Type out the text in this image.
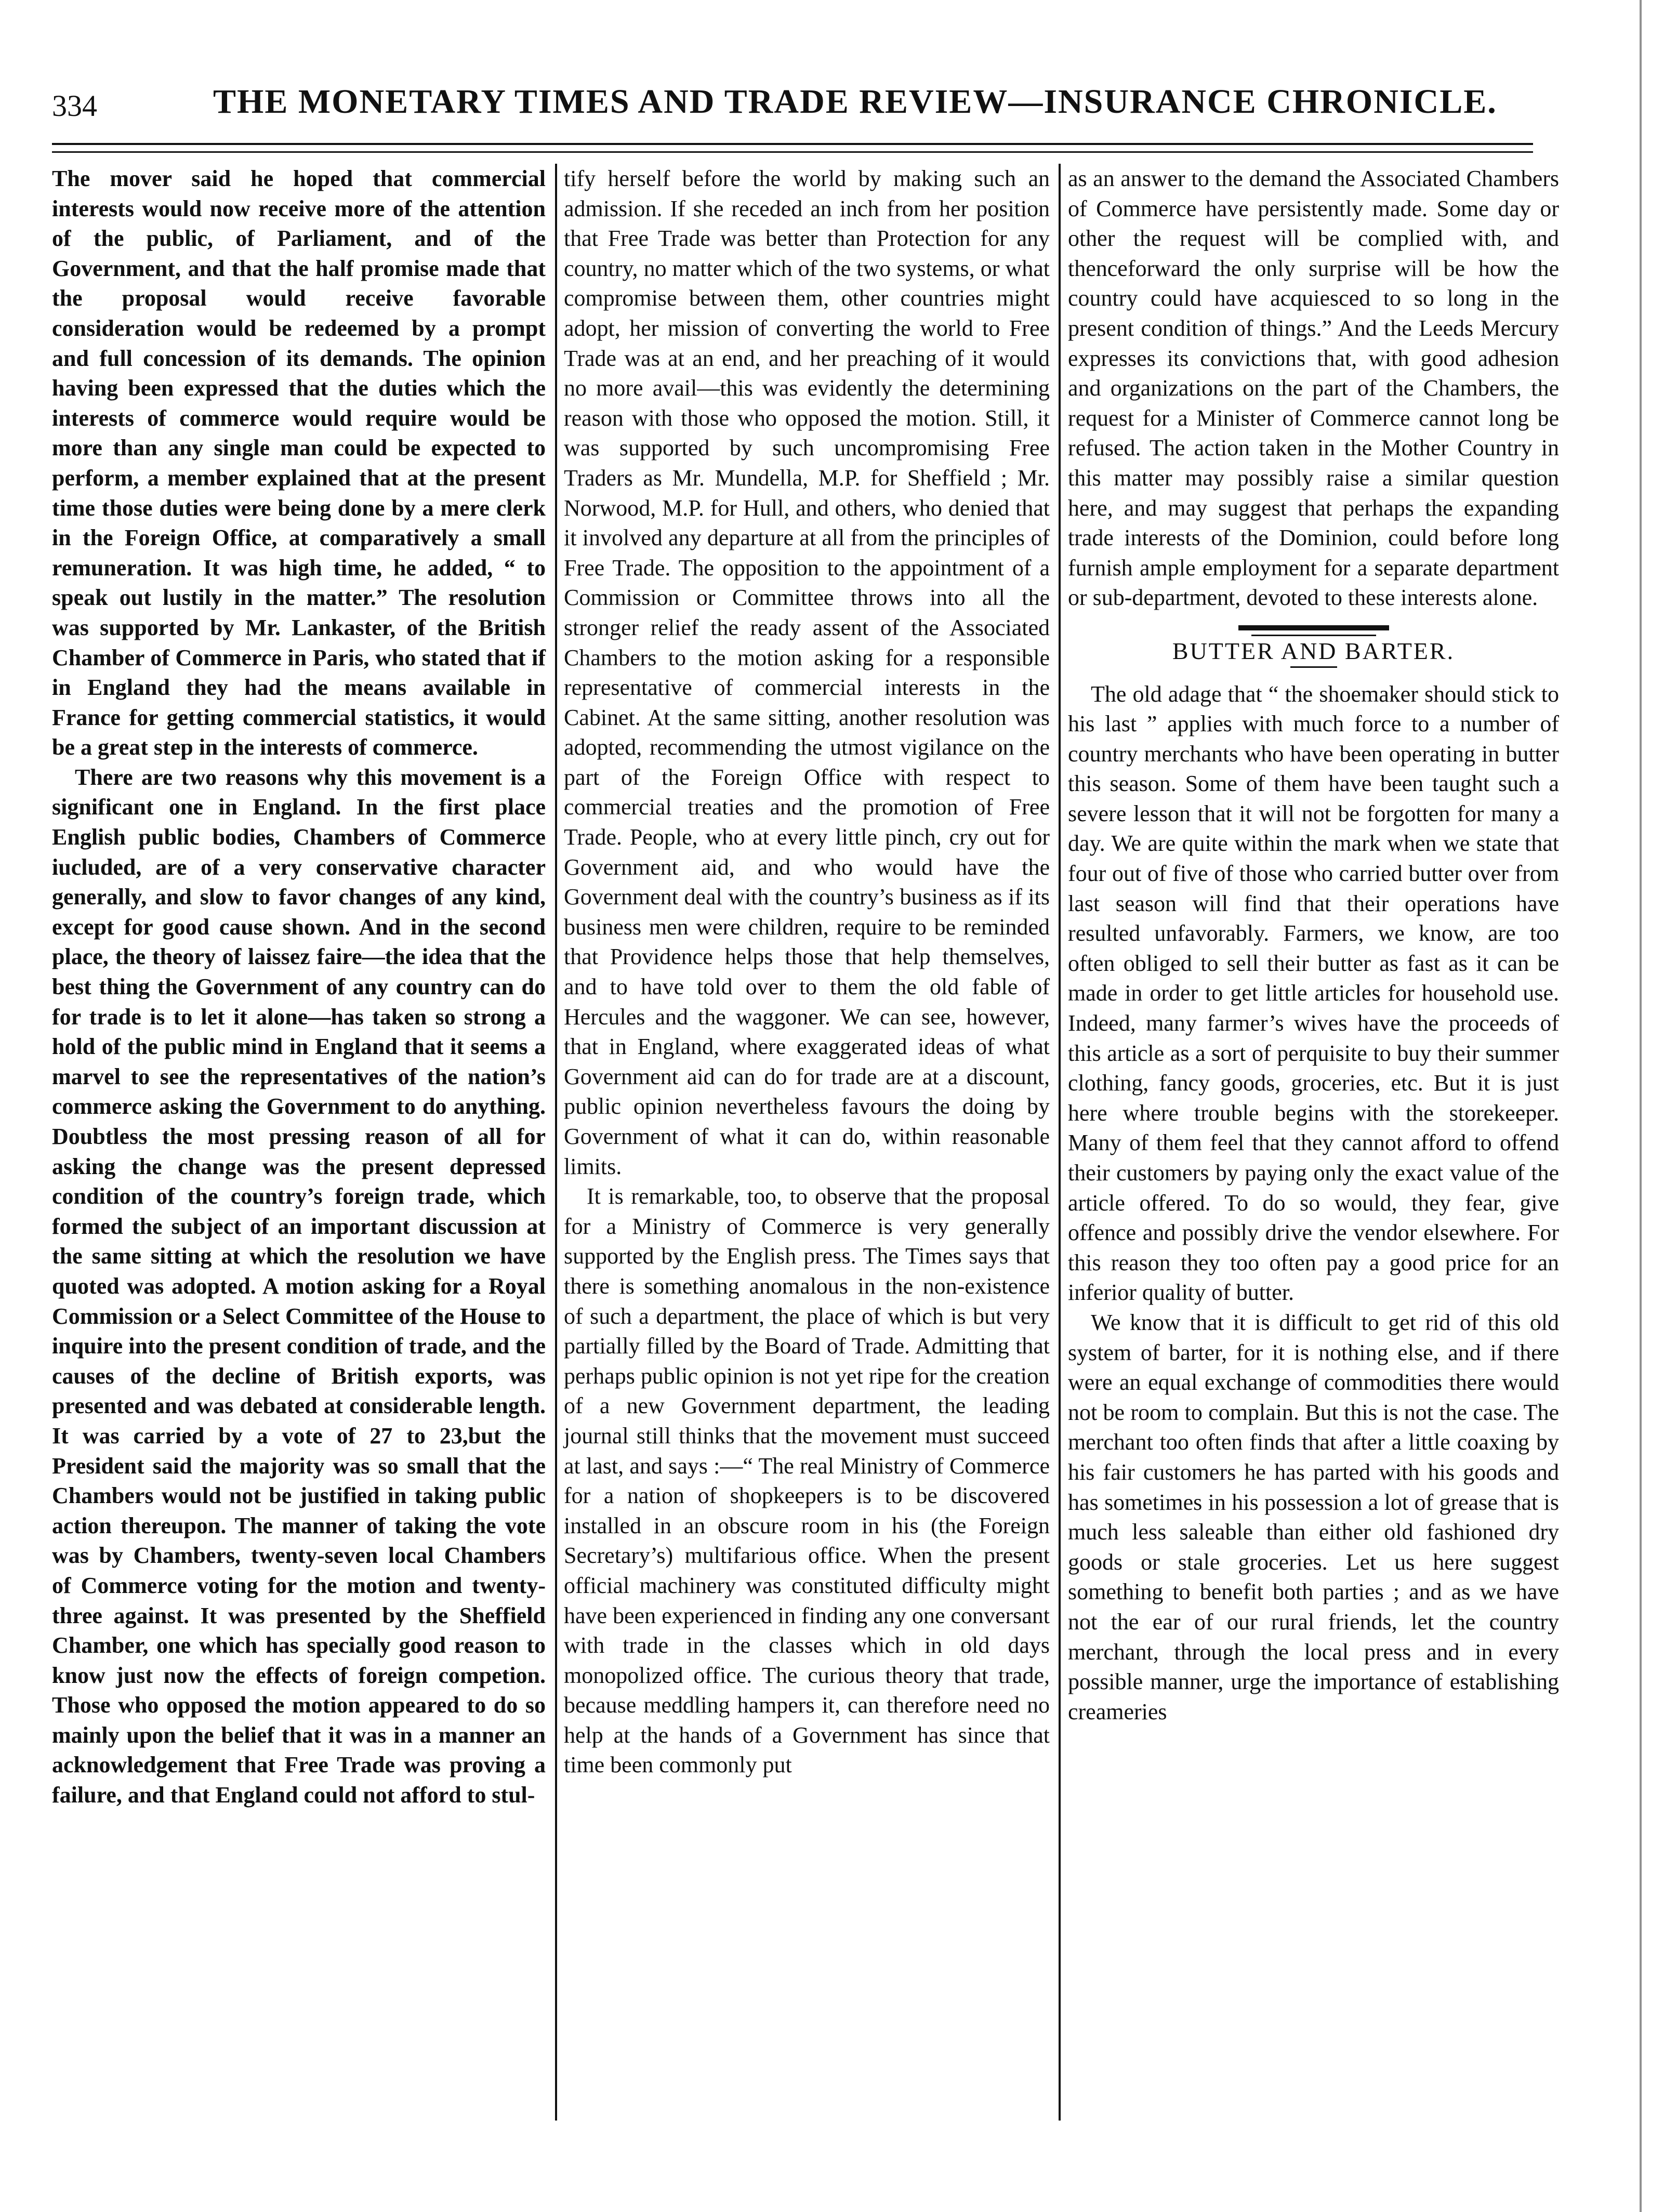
334	THE MONETARY TIMES AND TRADE REVIEW—INSURANCE CHRONICLE.

The mover said he hoped that commercial interests would now receive more of the attention of the public, of Parliament, and of the Government, and that the half promise made that the proposal would receive favorable consideration would be redeemed by a prompt and full concession of its demands. The opinion having been expressed that the duties which the interests of commerce would require would be more than any single man could be expected to perform, a member explained that at the present time those duties were being done by a mere clerk in the Foreign Office, at comparatively a small remuneration. It was high time, he added, “ to speak out lustily in the matter.” The resolution was supported by Mr. Lankaster, of the British Chamber of Commerce in Paris, who stated that if in England they had the means available in France for getting commercial statistics, it would be a great step in the interests of commerce.

There are two reasons why this movement is a significant one in England. In the first place English public bodies, Chambers of Commerce iucluded, are of a very conservative character generally, and slow to favor changes of any kind, except for good cause shown. And in the second place, the theory of laissez faire—the idea that the best thing the Government of any country can do for trade is to let it alone—has taken so strong a hold of the public mind in England that it seems a marvel to see the representatives of the nation’s commerce asking the Government to do anything. Doubtless the most pressing reason of all for asking the change was the present depressed condition of the country’s foreign trade, which formed the subject of an important discussion at the same sitting at which the resolution we have quoted was adopted. A motion asking for a Royal Commission or a Select Committee of the House to inquire into the present condition of trade, and the causes of the decline of British exports, was presented and was debated at considerable length. It was carried by a vote of 27 to 23,but the President said the majority was so small that the Chambers would not be justified in taking public action thereupon. The manner of taking the vote was by Chambers, twenty-seven local Chambers of Commerce voting for the motion and twenty-three against. It was presented by the Sheffield Chamber, one which has specially good reason to know just now the effects of foreign competion. Those who opposed the motion appeared to do so mainly upon the belief that it was in a manner an acknowledgement that Free Trade was proving a failure, and that England could not afford to stul-

tify herself before the world by making such an admission. If she receded an inch from her position that Free Trade was better than Protection for any country, no matter which of the two systems, or what compromise between them, other countries might adopt, her mission of converting the world to Free Trade was at an end, and her preaching of it would no more avail—this was evidently the determining reason with those who opposed the motion. Still, it was supported by such uncompromising Free Traders as Mr. Mundella, M.P. for Sheffield ; Mr. Norwood, M.P. for Hull, and others, who denied that it involved any departure at all from the principles of Free Trade. The opposition to the appointment of a Commission or Committee throws into all the stronger relief the ready assent of the Associated Chambers to the motion asking for a responsible representative of commercial interests in the Cabinet. At the same sitting, another resolution was adopted, recommending the utmost vigilance on the part of the Foreign Office with respect to commercial treaties and the promotion of Free Trade. People, who at every little pinch, cry out for Government aid, and who would have the Government deal with the country’s business as if its business men were children, require to be reminded that Providence helps those that help themselves, and to have told over to them the old fable of Hercules and the waggoner. We can see, however, that in England, where exaggerated ideas of what Government aid can do for trade are at a discount, public opinion nevertheless favours the doing by Government of what it can do, within reasonable limits.

It is remarkable, too, to observe that the proposal for a Ministry of Commerce is very generally supported by the English press. The Times says that there is something anomalous in the non-existence of such a department, the place of which is but very partially filled by the Board of Trade. Admitting that perhaps public opinion is not yet ripe for the creation of a new Government department, the leading journal still thinks that the movement must succeed at last, and says :—“ The real Ministry of Commerce for a nation of shopkeepers is to be discovered installed in an obscure room in his (the Foreign Secretary’s) multifarious office. When the present official machinery was constituted difficulty might have been experienced in finding any one conversant with trade in the classes which in old days monopolized office. The curious theory that trade, because meddling hampers it, can therefore need no help at the hands of a Government has since that time been commonly put

as an answer to the demand the Associated Chambers of Commerce have persistently made. Some day or other the request will be complied with, and thenceforward the only surprise will be how the country could have acquiesced to so long in the present condition of things.” And the Leeds Mercury expresses its convictions that, with good adhesion and organizations on the part of the Chambers, the request for a Minister of Commerce cannot long be refused. The action taken in the Mother Country in this matter may possibly raise a similar question here, and may suggest that perhaps the expanding trade interests of the Dominion, could before long furnish ample employment for a separate department or sub-department, devoted to these interests alone.

BUTTER AND BARTER.

The old adage that “ the shoemaker should stick to his last ” applies with much force to a number of country merchants who have been operating in butter this season. Some of them have been taught such a severe lesson that it will not be forgotten for many a day. We are quite within the mark when we state that four out of five of those who carried butter over from last season will find that their operations have resulted unfavorably. Farmers, we know, are too often obliged to sell their butter as fast as it can be made in order to get little articles for household use. Indeed, many farmer’s wives have the proceeds of this article as a sort of perquisite to buy their summer clothing, fancy goods, groceries, etc. But it is just here where trouble begins with the storekeeper. Many of them feel that they cannot afford to offend their customers by paying only the exact value of the article offered. To do so would, they fear, give offence and possibly drive the vendor elsewhere. For this reason they too often pay a good price for an inferior quality of butter.

We know that it is difficult to get rid of this old system of barter, for it is nothing else, and if there were an equal exchange of commodities there would not be room to complain. But this is not the case. The merchant too often finds that after a little coaxing by his fair customers he has parted with his goods and has sometimes in his possession a lot of grease that is much less saleable than either old fashioned dry goods or stale groceries. Let us here suggest something to benefit both parties ; and as we have not the ear of our rural friends, let the country merchant, through the local press and in every possible manner, urge the importance of establishing creameries
